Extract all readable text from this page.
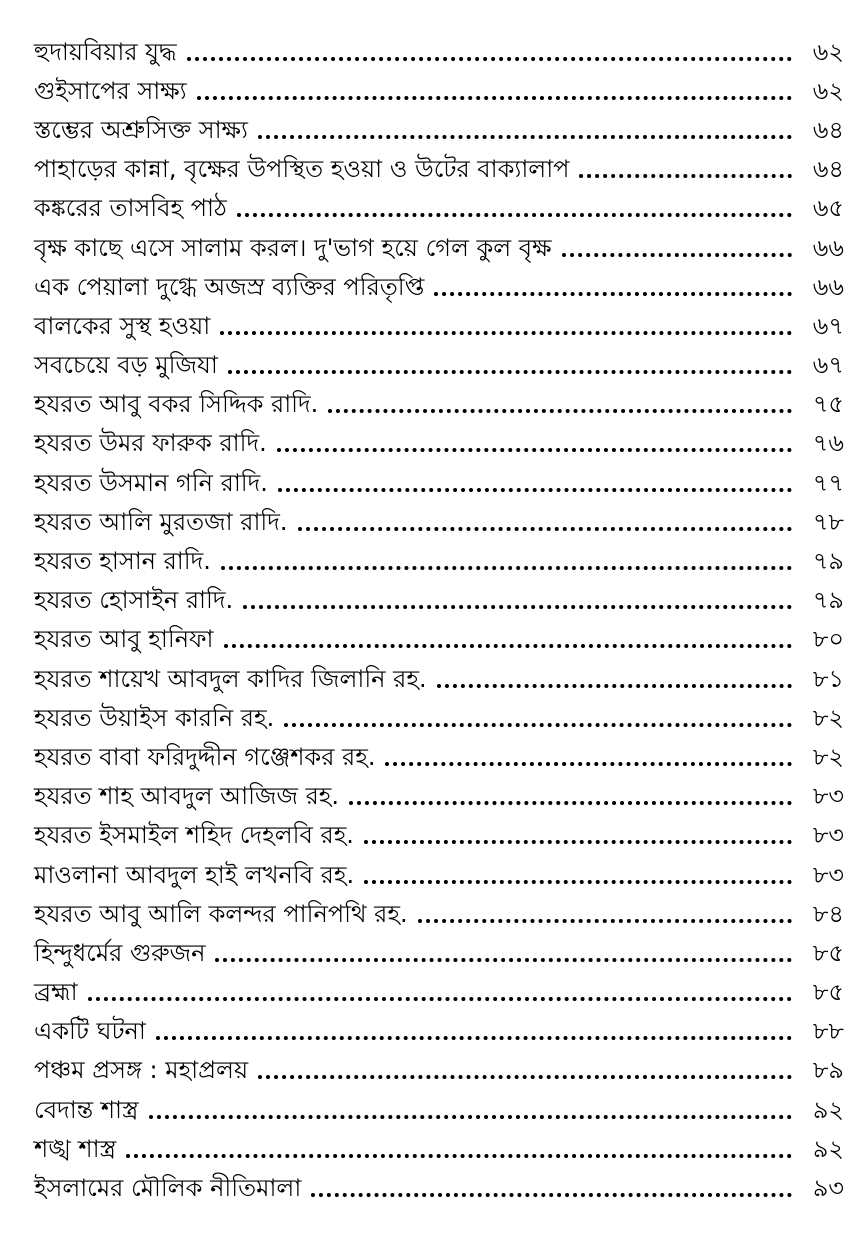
হুদায়বিয়ার যুদ্ধ	৬২
গুইসাপের সাক্ষ্য	৬২
স্তম্ভের অশ্রুসিক্ত সাক্ষ্য	৬৪
পাহাড়ের কান্না, বৃক্ষের উপস্থিত হওয়া ও উটের বাক্যালাপ	৬৪
কঙ্করের তাসবিহ পাঠ	৬৫
বৃক্ষ কাছে এসে সালাম করল। দু'ভাগ হয়ে গেল কুল বৃক্ষ	৬৬
এক পেয়ালা দুগ্ধে অজস্র ব্যক্তির পরিতৃপ্তি	৬৬
বালকের সুস্থ হওয়া	৬৭
সবচেয়ে বড় মুজিযা	৬৭
হযরত আবু বকর সিদ্দিক রাদি.	৭৫
হযরত উমর ফারুক রাদি.	৭৬
হযরত উসমান গনি রাদি.	৭৭
হযরত আলি মুরতজা রাদি.	৭৮
হযরত হাসান রাদি.	৭৯
হযরত হোসাইন রাদি.	৭৯
হযরত আবু হানিফা	৮০
হযরত শায়েখ আবদুল কাদির জিলানি রহ.	৮১
হযরত উয়াইস কারনি রহ.	৮২
হযরত বাবা ফরিদুদ্দীন গঞ্জেশকর রহ.	৮২
হযরত শাহ আবদুল আজিজ রহ.	৮৩
হযরত ইসমাইল শহিদ দেহলবি রহ.	৮৩
মাওলানা আবদুল হাই লখনবি রহ.	৮৩
হযরত আবু আলি কলন্দর পানিপথি রহ.	৮৪
হিন্দুধর্মের গুরুজন	৮৫
ব্রহ্মা	৮৫
একটি ঘটনা	৮৮
পঞ্চম প্রসঙ্গ : মহাপ্রলয়	৮৯
বেদান্ত শাস্ত্র	৯২
শঙ্খ শাস্ত্র	৯২
ইসলামের মৌলিক নীতিমালা	৯৩
